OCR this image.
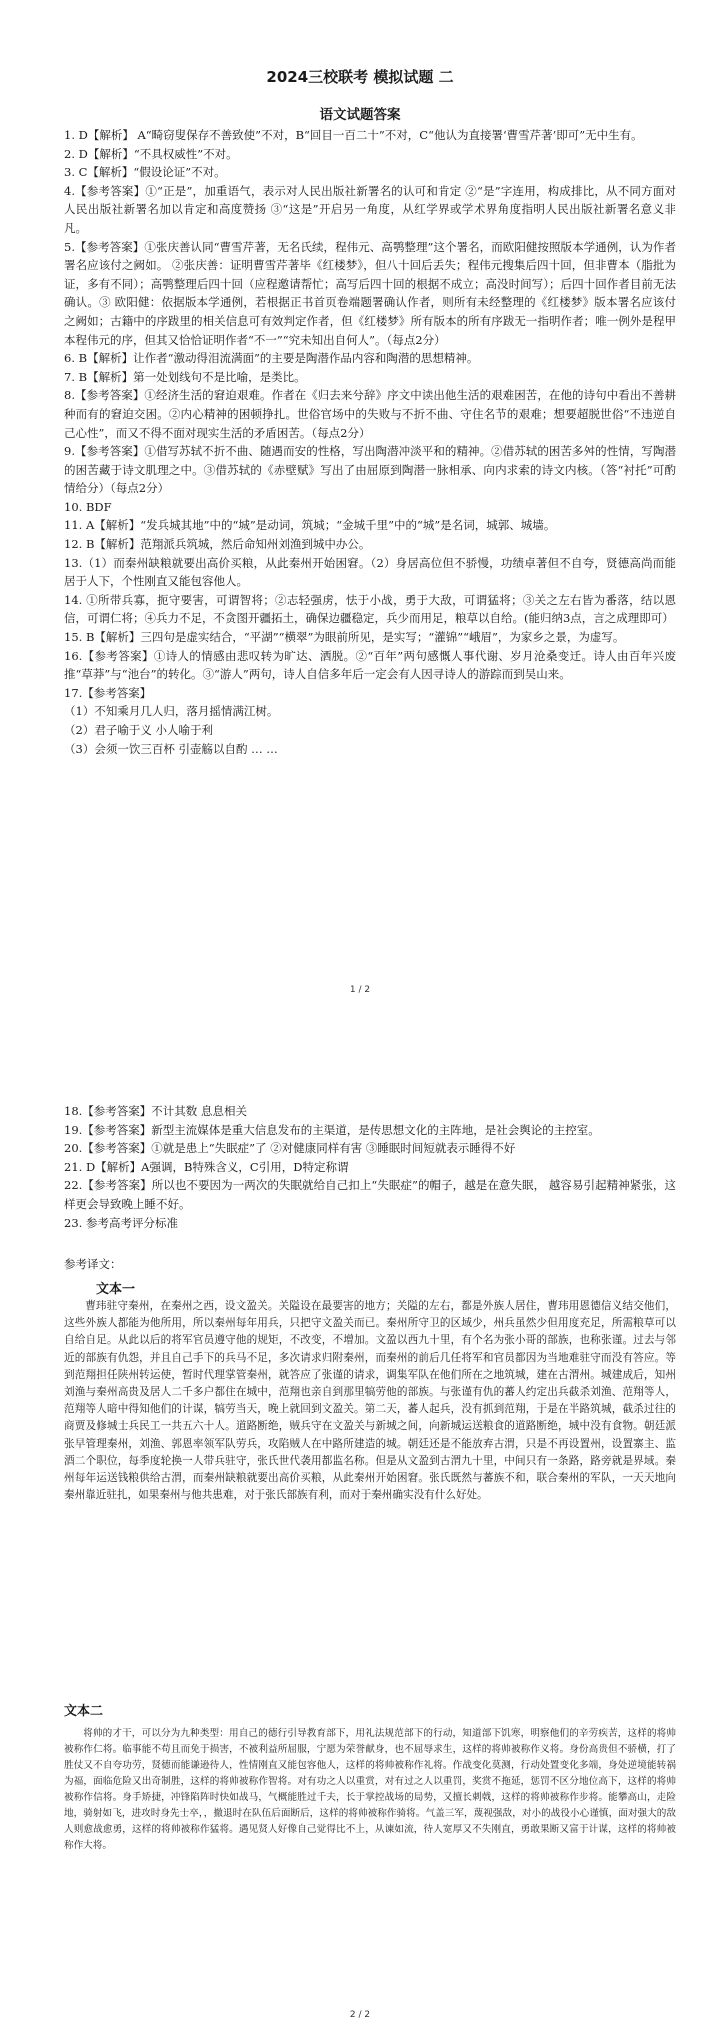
2024三校联考 模拟试题 二
语文试题答案

1. D【解析】 A“畸窃叟保存不善致使”不对，B“回目一百二十”不对，C“他认为直接署‘曹雪芹著’即可”无中生有。

2. D【解析】“不具权威性”不对。

3. C【解析】“假设论证”不对。

4.【参考答案】①“正是”，加重语气，表示对人民出版社新署名的认可和肯定 ②“是”字连用，构成排比，从不同方面对人民出版社新署名加以肯定和高度赞扬 ③“这是”开启另一角度，从红学界或学术界角度指明人民出版社新署名意义非凡。

5.【参考答案】①张庆善认同“曹雪芹著，无名氏续，程伟元、高鹗整理”这个署名，而欧阳健按照版本学通例，认为作者署名应该付之阙如。 ②张庆善：证明曹雪芹著毕《红楼梦》，但八十回后丢失；程伟元搜集后四十回，但非曹本（脂批为证，多有不同）；高鹗整理后四十回（应程邀请帮忙；高写后四十回的根据不成立；高没时间写）；后四十回作者目前无法确认。③ 欧阳健：依据版本学通例，若根据正书首页卷端题署确认作者，则所有未经整理的《红楼梦》版本署名应该付之阙如；古籍中的序跋里的相关信息可有效判定作者，但《红楼梦》所有版本的所有序跋无一指明作者；唯一例外是程甲本程伟元的序，但其又恰恰证明作者“不一”“究未知出自何人”。（每点2分）

6. B【解析】让作者“激动得泪流满面”的主要是陶潜作品内容和陶潜的思想精神。

7. B【解析】第一处划线句不是比喻，是类比。

8.【参考答案】①经济生活的窘迫艰难。作者在《归去来兮辞》序文中读出他生活的艰难困苦，在他的诗句中看出不善耕种而有的窘迫交困。②内心精神的困顿挣扎。世俗官场中的失败与不折不曲、守住名节的艰难；想要超脱世俗“不违逆自己心性”，而又不得不面对现实生活的矛盾困苦。（每点2分）

9.【参考答案】①借写苏轼不折不曲、随遇而安的性格，写出陶潜冲淡平和的精神。②借苏轼的困苦多舛的性情，写陶潜的困苦藏于诗文肌理之中。③借苏轼的《赤壁赋》写出了由屈原到陶潜一脉相承、向内求索的诗文内核。（答“衬托”可酌情给分）（每点2分）

10. BDF

11. A【解析】“发兵城其地”中的“城”是动词，筑城；“金城千里”中的“城”是名词，城郭、城墙。

12. B【解析】范翔派兵筑城，然后命知州刘渔到城中办公。

13.（1）而秦州缺粮就要出高价买粮，从此秦州开始困窘。（2）身居高位但不骄慢，功绩卓著但不自夸，贤德高尚而能居于人下，个性刚直又能包容他人。

14. ①所带兵寡，扼守要害，可谓智将；②志轻强虏，怯于小战，勇于大敌，可谓猛将；③关之左右皆为番落，结以恩信，可谓仁将；④兵力不足，不贪图开疆拓土，确保边疆稳定，兵少而用足，粮草以自给。(能归纳3点，言之成理即可）

15. B【解析】三四句是虚实结合，“平湖”“横翠”为眼前所见，是实写；“灌锦”“峨眉”，为家乡之景，为虚写。

16.【参考答案】①诗人的情感由悲叹转为旷达、洒脱。②“百年”两句感慨人事代谢、岁月沧桑变迁。诗人由百年兴废推“草莽”与“池台”的转化。③“游人”两句，诗人自信多年后一定会有人因寻诗人的游踪而到吴山来。

17.【参考答案】

（1）不知乘月几人归，落月摇情满江树。

（2）君子喻于义 小人喻于利

（3）会须一饮三百杯 引壶觞以自酌 … …

1 / 2

18.【参考答案】不计其数 息息相关

19.【参考答案】新型主流媒体是重大信息发布的主渠道，是传思想文化的主阵地，是社会舆论的主控室。

20.【参考答案】①就是患上“失眠症”了 ②对健康同样有害 ③睡眠时间短就表示睡得不好

21. D【解析】A强调，B特殊含义，C引用，D特定称谓

22.【参考答案】所以也不要因为一两次的失眠就给自己扣上“失眠症”的帽子，越是在意失眠， 越容易引起精神紧张，这样更会导致晚上睡不好。

23. 参考高考评分标准

参考译文：
文本一
曹玮驻守秦州，在秦州之西，设文盈关。关隘设在最要害的地方；关隘的左右，都是外族人居住，曹玮用恩德信义结交他们，这些外族人都能为他所用，所以秦州每年用兵，只把守文盈关而已。秦州所守卫的区域少，州兵虽然少但用度充足，所需粮草可以自给自足。从此以后的将军官员遵守他的规矩，不改变，不增加。文盈以西九十里，有个名为张小哥的部族，也称张谨。过去与邻近的部族有仇怨，并且自己手下的兵马不足，多次请求归附秦州，而秦州的前后几任将军和官员都因为当地难驻守而没有答应。等到范翔担任陕州转运使，暂时代理掌管秦州，就答应了张谨的请求，调集军队在他们所在之地筑城，建在古渭州。城建成后，知州刘渔与秦州高贵及居人二千多户都住在城中，范翔也亲自到那里犒劳他的部族。与张谨有仇的蕃人约定出兵截杀刘渔、范翔等人，范翔等人暗中得知他们的计谋，犒劳当天，晚上就回到文盈关。第二天，蕃人起兵，没有抓到范翔，于是在半路筑城，截杀过往的商贾及修城士兵民工一共五六十人。道路断绝，贼兵守在文盈关与新城之间，向新城运送粮食的道路断绝，城中没有食物。朝廷派张早管理秦州，刘渔、郭恩率领军队劳兵，攻陷贼人在中路所建造的城。朝廷还是不能放弃古渭，只是不再设置州，设置寨主、监酒二个职位，每季度轮换一人带兵驻守，张氏世代袭用都监名称。但是从文盈到古渭九十里，中间只有一条路，路旁就是界域。秦州每年运送钱粮供给古渭，而秦州缺粮就要出高价买粮，从此秦州开始困窘。张氏既然与蕃族不和，联合秦州的军队，一天天地向秦州靠近驻扎，如果秦州与他共患难，对于张氏部族有利，而对于秦州确实没有什么好处。
文本二
将帅的才干，可以分为九种类型：用自己的德行引导教育部下，用礼法规范部下的行动，知道部下饥寒，明察他们的辛劳疾苦，这样的将帅被称作仁将。临事能不苟且而免于损害，不被利益所屈服，宁愿为荣誉献身，也不屈辱求生，这样的将帅被称作义将。身份高贵但不骄横，打了胜仗又不自夸功劳，贤德而能谦逊待人，性情刚直又能包容他人，这样的将帅被称作礼将。作战变化莫测，行动处置变化多端，身处逆境能转祸为福，面临危险又出奇制胜，这样的将帅被称作智将。对有功之人以重赏，对有过之人以重罚，奖赏不拖延，惩罚不区分地位高下，这样的将帅被称作信将。身手矫捷，冲锋陷阵时快如战马，气概能胜过千夫，长于掌控战场的局势，又擅长刺戟，这样的将帅被称作步将。能攀高山，走险地，骑射如飞，进攻时身先士卒，，撤退时在队伍后面断后，这样的将帅被称作骑将。气盖三军，蔑视强敌，对小的战役小心谨慎，面对强大的敌人则愈战愈勇，这样的将帅被称作猛将。遇见贤人好像自己觉得比不上，从谏如流，待人宽厚又不失刚直，勇敢果断又富于计谋，这样的将帅被称作大将。
2 / 2
